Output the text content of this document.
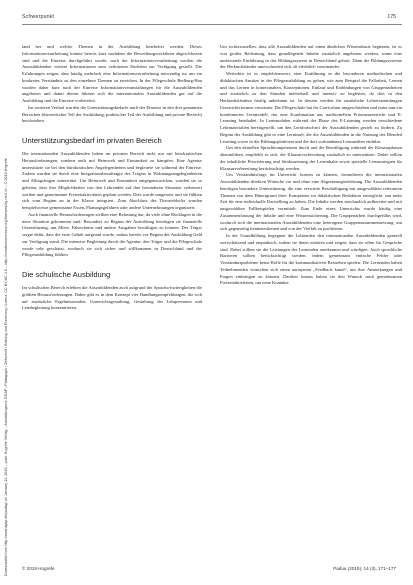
Downloaded from http://www.dgap.de/padag/ on January 14, 2019 – publ. Hogrefe Verlag – Ausbildungsort: DGAP / Pädagogik / Zeitschrift / Bildung und Erziehung / Lizenz: CC BY-NC 4.0 – http://creativecommons.org/licenses/by-nc/4.0/ – © 2019 Hogrefe
Schwerpunkt	175

land her und welche Themen in der Ausbildung bearbeitet werden. Dieses Informationsverarbeitung könnte bereits kurz nachdem die Bewerbungsverfahren abgeschlossen sind und die Einreise durchgeführt wurde, nach der Informationsverarbeitung werden die Auszubildenden weitere Informationen zum verkürzten Einleiten zur Verfügung gestellt. Die Erfahrungen zeigen, dass häufig mehrfach eine Informationsverarbeitung notwendig ist, um ein konkretes Verständnis zu den einzelnen Themen zu erreichen. In der Pflegeschule Bedburg-Hau wurden daher kurz nach der Einreise Informationsveranstaltungen für die Auszubildenden angeboten und damit diesen führten sich die internationalen Auszubildenden gut auf die Ausbildung und die Einreise vorbereitet.

Im weiteren Verlauf wurden die Unterstützungsbedarfe nach der Einreise in den drei genannten Bereichen (theoretischer Teil der Ausbildung, praktischer Teil der Ausbildung und private Bereich) beschrieben.

Unterstützungsbedarf im privaten Bereich

Die internationalen Auszubildenden haben im privaten Bereich nicht nur mit bürokratischen Herausforderungen, sondern auch mit Heimweh und Einsamkeit zu kämpfen. Eine Agentur unterstützte sie bei den bürokratischen Angelegenheiten und begleitete sie während der Einreise. Zudem wurden sie durch eine Integrationsbeauftragte des Trägers in Wohnungsangelegenheiten und Alltagsfragen unterstützt. Um Heimweh und Einsamkeit entgegenzuwirken, wurden sie so gebeten, dass ihre Möglichkeiten von den Lehrenden auf ihre besonderen Situation verbessert werden und gemeinsame Freizeitaktivitäten geplant werden. Dies wurde umgesetzt und sie fühlten sich vom Beginn an in der Klasse integriert. Zum Abschluss des Theorieblocks wurden beispielsweise gemeinsame Essen, Planungsgefahren oder andere Unternehmungen organisiert.

Auch finanzielle Herausforderungen stellten eine Belastung dar, da viele ohne Rücklagen in die neue Situation gekommen sind. Besonders zu Beginn der Ausbildung benötigen sie finanzielle Unterstützung, um Miete, Fahrscheine und andere Ausgaben bewältigen zu können. Der Träger sorgte dafür, dass die erste Gehalt aufgrund wurde, sodass bereits vor Beginn der Ausbildung Geld zur Verfügung stand. Die intensive Begleitung durch die Agentur, den Träger und die Pflegeschule wurde sehr geschätzt, wodurch sie sich sicher und willkommen in Deutschland und der Pflegeausbildung fühlten.

Die schulische Ausbildung

Im schulischen Bereich erlebten die Auszubildenden auch aufgrund der Sprachschwierigkeiten die größten Herausforderungen. Daher gibt es in dem Konzept vier Handlungsempfehlungen, die sich auf zusätzliche Ergebnisstunden, Unterrichtsgestaltung, Gestaltung der Lehrpersonen und Lernbegleitung konzentrieren.

Um sicherzustellen, dass alle Auszubildenden auf einen ähnlichen Wissensbasis beginnen, ist es von großer Bedeutung, dass grundlegende Inhalte zusätzlich angeboten werden, wenn eine umfassende Einführung in das Bildungssystem in Deutschland gehört. Dann die Bildungssysteme der Herkunftsländer unterscheiden sich oft erheblich voneinander.

Weiterhin ist es empfehlenswert, eine Einführung in die besonderen methodischen und didaktischen Ansätze in der Pflegeausbildung zu geben, wie zum Beispiel die Fallarbeit, Lernen und das Lernen in kontextnahen, Konzeptionen, Einlauf und Einbindungen von Gruppenarbeiten und zusätzlich zu den Stunden individuell und intensiv zu begleiten, da dies in den Herkunftsländern häufig unbekannt ist. In diesem werden für zusätzliche Lehrersammlungen Unterrichtsformen vertrauter. Die Pflegeschule hat ihr Curriculum umgeschrieben und nutzt nun ein kombiniertes Lernmodell, das eine Kombination aus traditionellem Präsenzunterricht und E-Learning beinhaltet. In Lernmodulen während der Phase des E-Learning werden verschiedene Lehrmaterialien bereitgestellt, um den Lernfortschritt der Auszubildenden gezielt zu fördern. Zu Beginn der Ausbildung gibt es eine Lerninsel, die die Auszubildenden in die Nutzung des Blended Learning sowie in die Bildungsplattform und die dort vorhandenen Lernmedien einführt.

Um den aktuellen Sprachkompetenzen durch und die Bewältigung während der Klausurphasen abzumildern, empfiehlt es sich, die Klausurvorbereitung zusätzlich zu unterstützen. Dabei sollten die inhaltliche Priorisierung und Strukturierung der Lerninhalte sowie spezielle Lernstrategien für Klausurvorbereitung berücksichtigt werden.

Um Verständnisfrage im Unterricht formen zu können, formulieren die internationalen Auszubildenden direkten Wünsche vor und ohne eine Abgrenzungserfahrung. Die Auszubildenden benötigen besondere Unterstützung, die eine verwirrte Beschäftigung mit ausgewählten relevanten Themen von dem Hintergrund ihrer Kompetenz im didaktischen Reduktion ermöglicht, um mehr Zeit für eine individuelle Darstellung zu haben. Die Inhalte werden anschaulich aufbereitet und mit ausgewählten Fallbeispielen vermittelt. Zum Ende eines Unterrichts wurde häufig eine Zusammenfassung der Inhalte und eine Wissenssicherung. Die Gruppenarbeit durchgeführt wird, wodurch sich die internationalen Auszubildenden eine heterogene Gruppenzusammensetzung, um sich gegenseitig kennenzulernen und von der Vielfalt zu profitieren.

In der Grundbildung begegnen die Lehrenden den internationalen Auszubildenden generell wertschätzend und empathisch, indem sie ihnen zuhören und zeigen, dass sie offen für Gespräche sind. Dabei sollten sie die Leistungen der Lernenden anerkennen und würdigen. Auch sprachliche Barrieren sollten berücksichtigt werden, indem gemeinsam einfache Fehler oder Verständnisprobleme keine Rolle für die kommunikativen Bestreben spielen. Die Lernenden haben Teilnehmenden wünschen sich einen anonymen „Feedback kanal“, um ihre Anmerkungen und Fragen einbringen zu können. Darüber hinaus haben sie den Wunsch nach gemeinsamen Freizeitaktivitäten, um neue Kontakte

© 2019 Hogrefe	Padua (2019), 14 (3), 171–177
